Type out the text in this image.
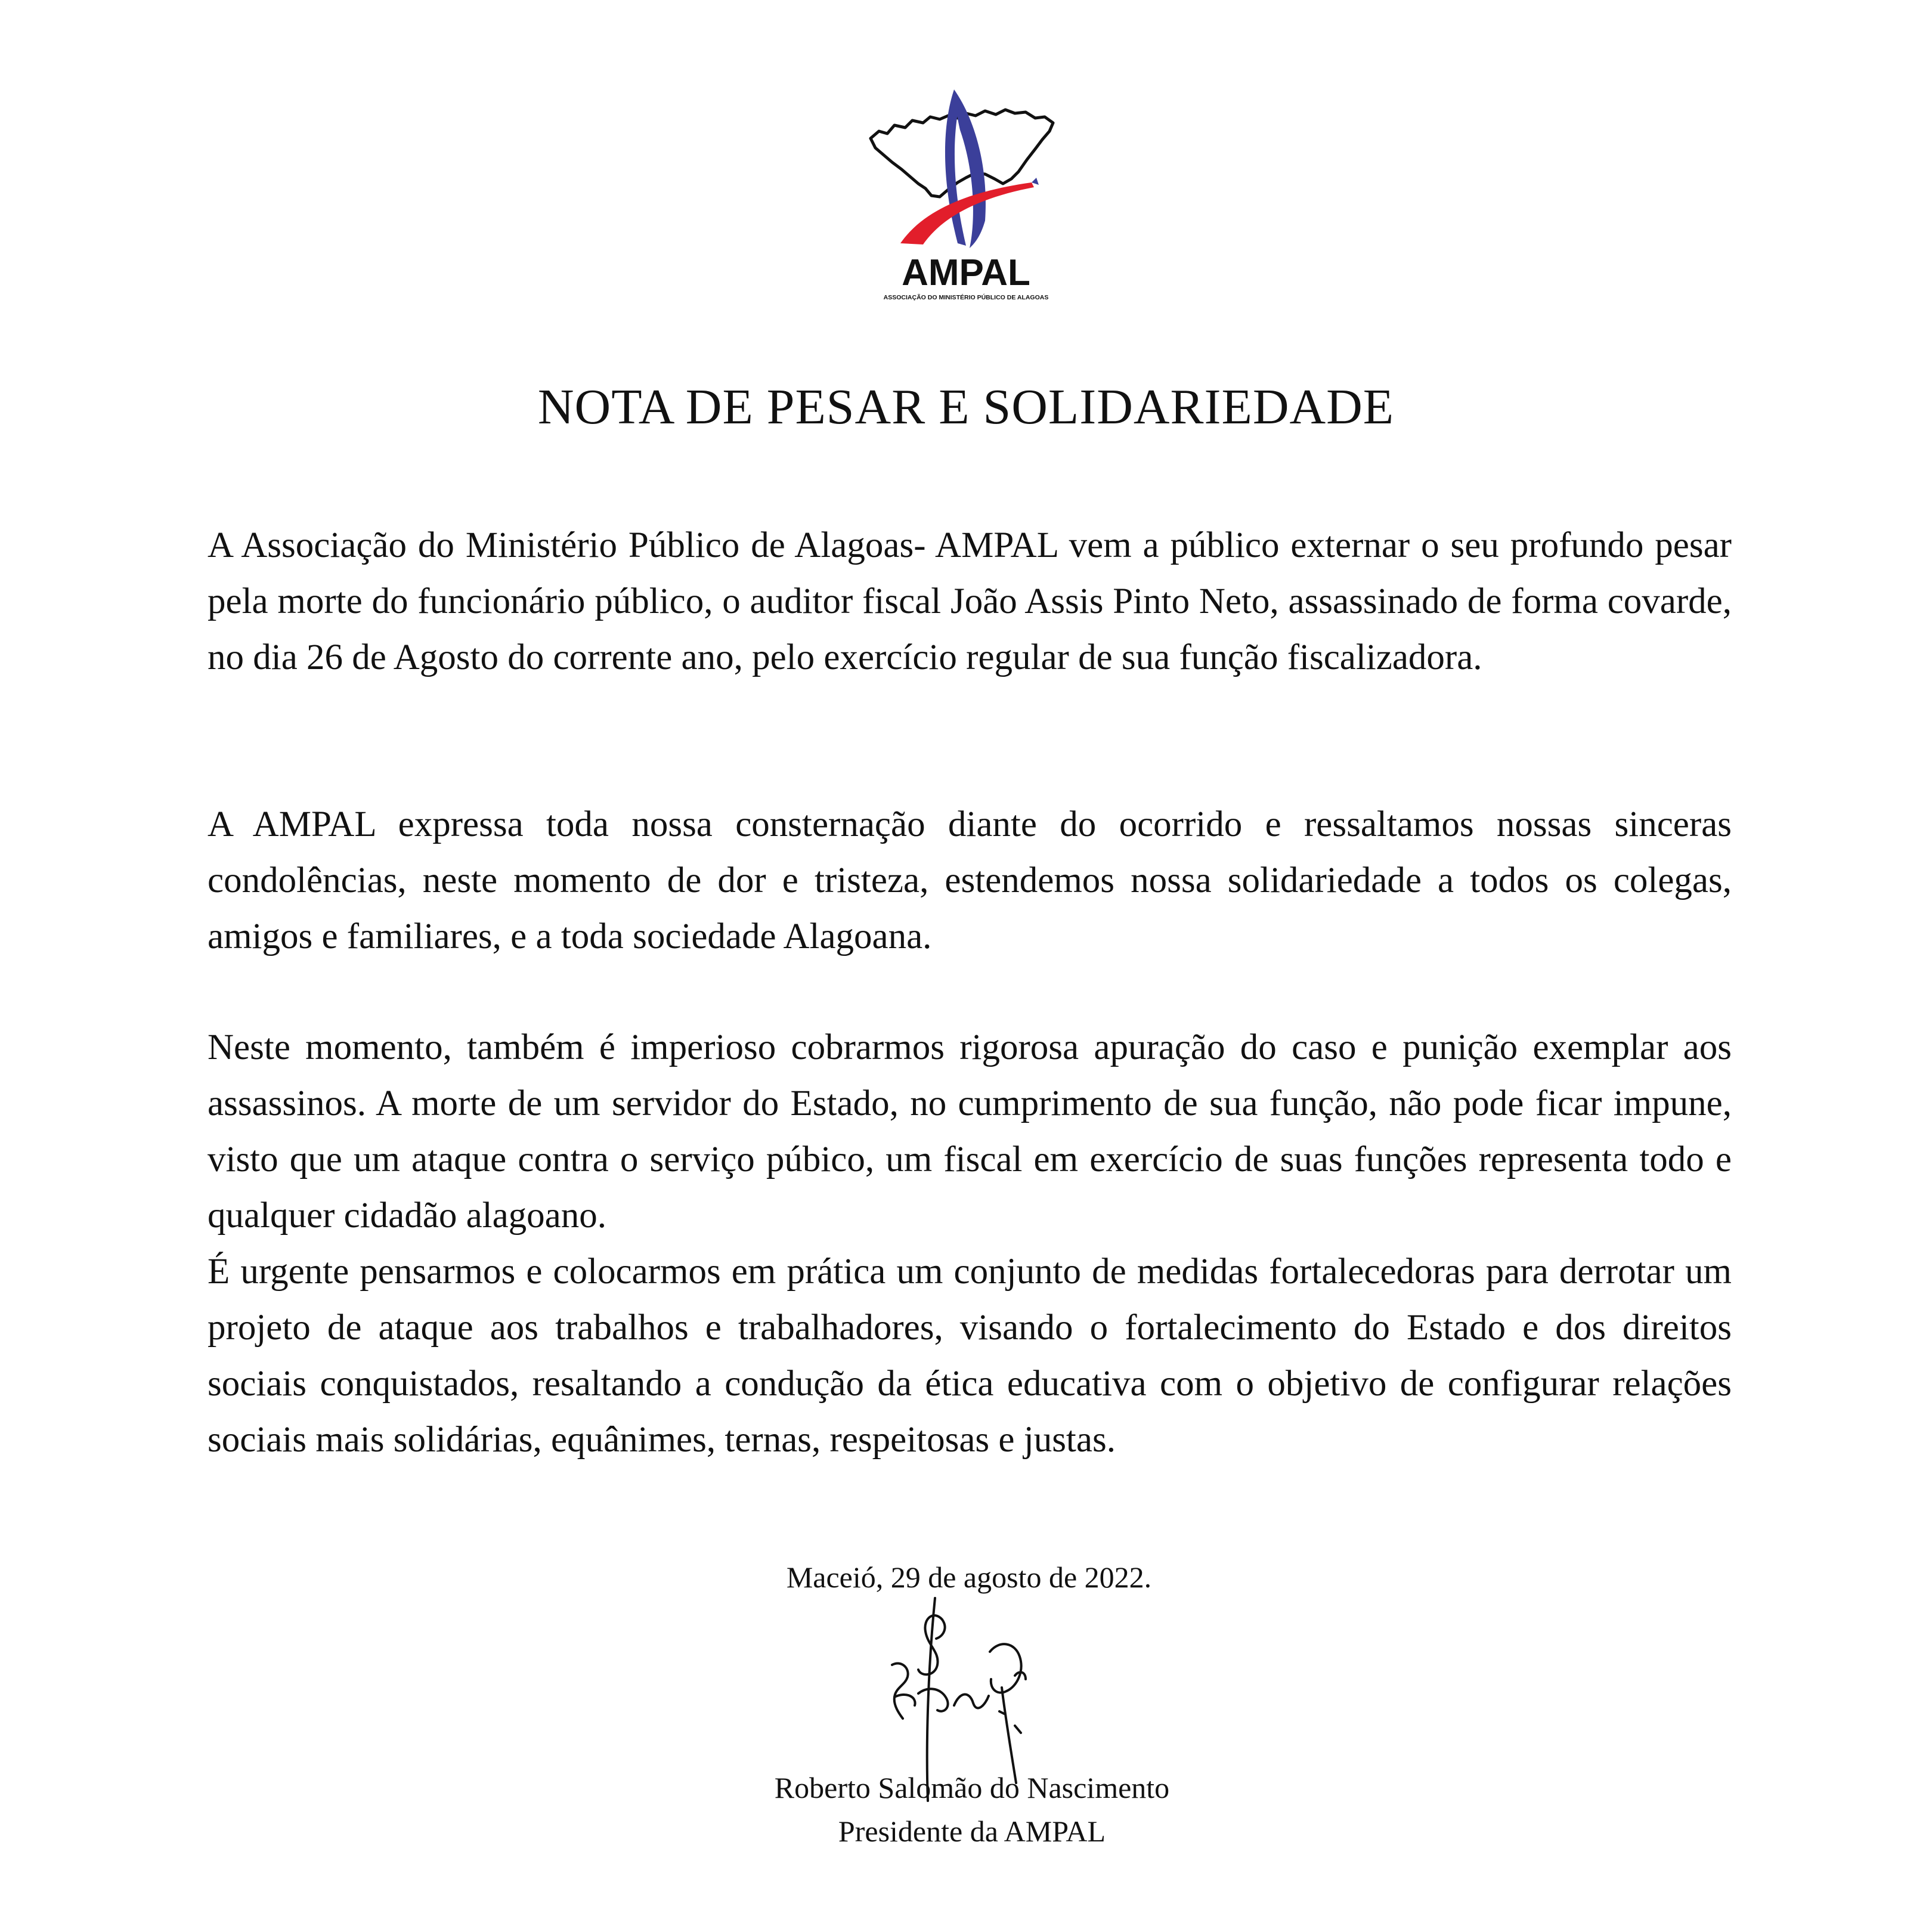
AMPAL
ASSOCIAÇÃO DO MINISTÉRIO PÚBLICO DE ALAGOAS
NOTA DE PESAR E SOLIDARIEDADE

A Associação do Ministério Público de Alagoas- AMPAL vem a público externar o seu profundo pesar pela morte do funcionário público, o auditor fiscal João Assis Pinto Neto, assassinado de forma covarde, no dia 26 de Agosto do corrente ano, pelo exercício regular de sua função fiscalizadora.

A AMPAL expressa toda nossa consternação diante do ocorrido e ressaltamos nossas sinceras condolências, neste momento de dor e tristeza, estendemos nossa solidariedade a todos os colegas, amigos e familiares, e a toda sociedade Alagoana.

Neste momento, também é imperioso cobrarmos rigorosa apuração do caso e punição exemplar aos assassinos. A morte de um servidor do Estado, no cumprimento de sua função, não pode ficar impune, visto que um ataque contra o serviço púbico, um fiscal em exercício de suas funções representa todo e qualquer cidadão alagoano.

É urgente pensarmos e colocarmos em prática um conjunto de medidas fortalecedoras para derrotar um projeto de ataque aos trabalhos e trabalhadores, visando o fortalecimento do Estado e dos direitos sociais conquistados, resaltando a condução da ética educativa com o objetivo de configurar relações sociais mais solidárias, equânimes, ternas, respeitosas e justas.

Maceió, 29 de agosto de 2022.
Roberto Salomão do Nascimento
Presidente da AMPAL
